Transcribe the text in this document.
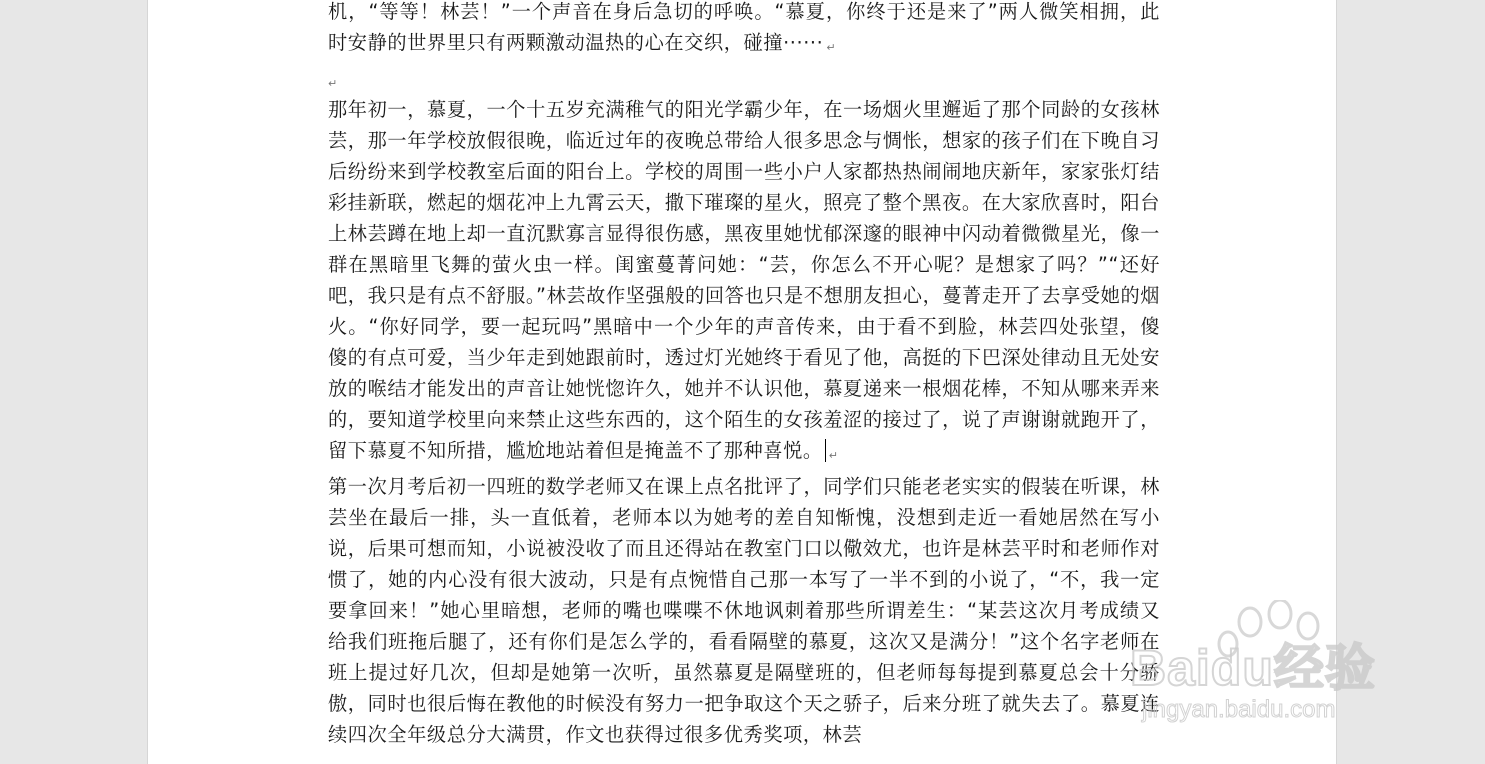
机，“等等！林芸！”一个声音在身后急切的呼唤。“慕夏，你终于还是来了”两人微笑相拥，此时安静的世界里只有两颗激动温热的心在交织，碰撞······ ↵

↵

那年初一，慕夏，一个十五岁充满稚气的阳光学霸少年，在一场烟火里邂逅了那个同龄的女孩林芸，那一年学校放假很晚，临近过年的夜晚总带给人很多思念与惆怅，想家的孩子们在下晚自习后纷纷来到学校教室后面的阳台上。学校的周围一些小户人家都热热闹闹地庆新年，家家张灯结彩挂新联，燃起的烟花冲上九霄云天，撒下璀璨的星火，照亮了整个黑夜。在大家欣喜时，阳台上林芸蹲在地上却一直沉默寡言显得很伤感，黑夜里她忧郁深邃的眼神中闪动着微微星光，像一群在黑暗里飞舞的萤火虫一样。闺蜜蔓菁问她：“芸，你怎么不开心呢？是想家了吗？”“还好吧，我只是有点不舒服。”林芸故作坚强般的回答也只是不想朋友担心，蔓菁走开了去享受她的烟火。“你好同学，要一起玩吗”黑暗中一个少年的声音传来，由于看不到脸，林芸四处张望，傻傻的有点可爱，当少年走到她跟前时，透过灯光她终于看见了他，高挺的下巴深处律动且无处安放的喉结才能发出的声音让她恍惚许久，她并不认识他，慕夏递来一根烟花棒，不知从哪来弄来的，要知道学校里向来禁止这些东西的，这个陌生的女孩羞涩的接过了，说了声谢谢就跑开了，留下慕夏不知所措，尴尬地站着但是掩盖不了那种喜悦。 ↵

第一次月考后初一四班的数学老师又在课上点名批评了，同学们只能老老实实的假装在听课，林芸坐在最后一排，头一直低着，老师本以为她考的差自知惭愧，没想到走近一看她居然在写小说，后果可想而知，小说被没收了而且还得站在教室门口以儆效尤，也许是林芸平时和老师作对惯了，她的内心没有很大波动，只是有点惋惜自己那一本写了一半不到的小说了，“不，我一定要拿回来！”她心里暗想，老师的嘴也喋喋不休地讽刺着那些所谓差生：“某芸这次月考成绩又给我们班拖后腿了，还有你们是怎么学的，看看隔壁的慕夏，这次又是满分！”这个名字老师在班上提过好几次，但却是她第一次听，虽然慕夏是隔壁班的，但老师每每提到慕夏总会十分骄傲，同时也很后悔在教他的时候没有努力一把争取这个天之骄子，后来分班了就失去了。慕夏连续四次全年级总分大满贯，作文也获得过很多优秀奖项，林芸

Baidu经验
jingyan.baidu.com
